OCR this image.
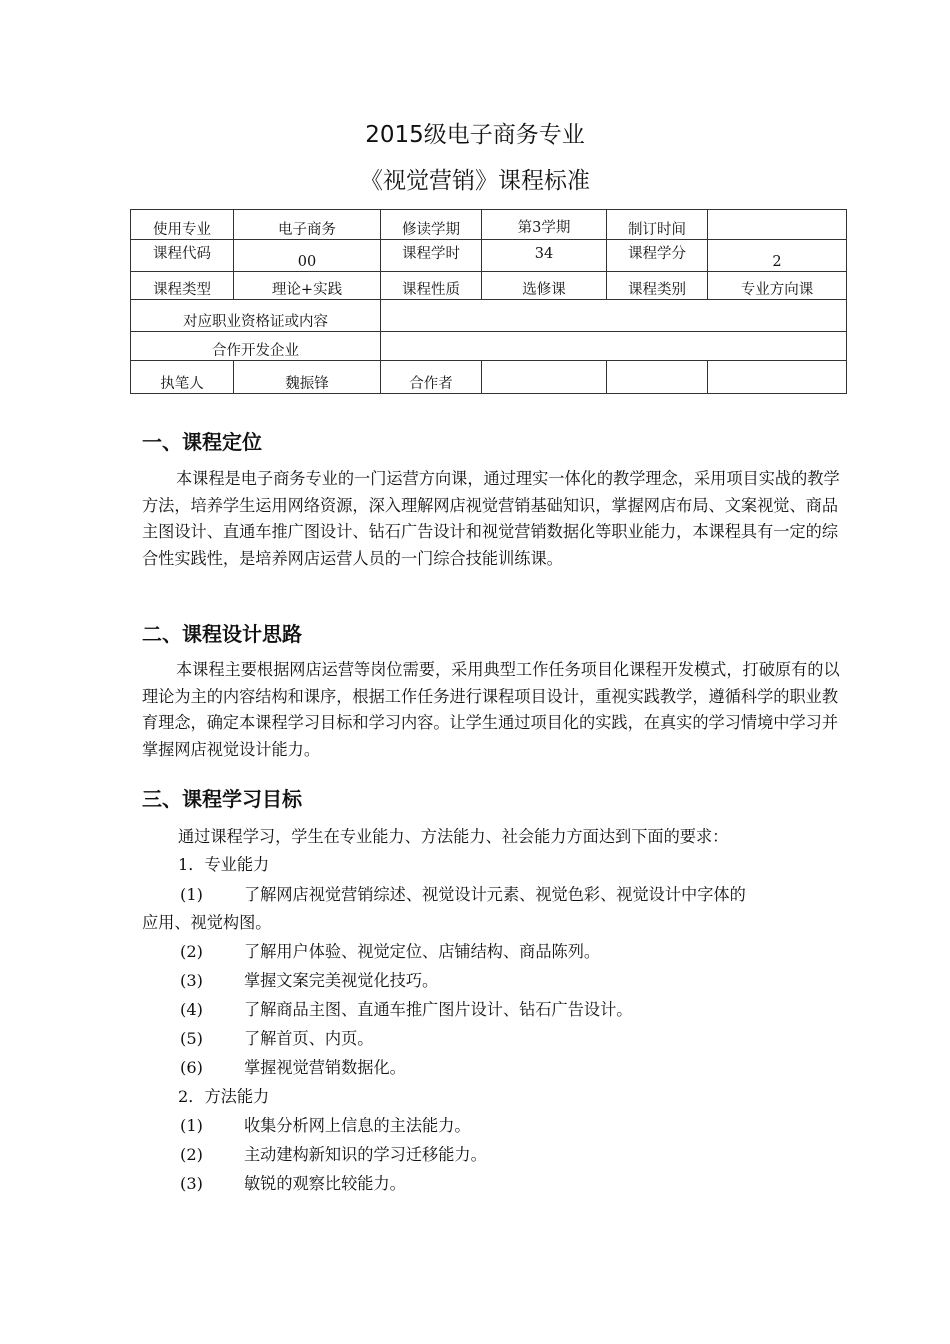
2015级电子商务专业
《视觉营销》课程标准
使用专业	电子商务	修读学期	第3学期	制订时间	
课程代码	00	课程学时	34	课程学分	2
课程类型	理论+实践	课程性质	选修课	课程类别	专业方向课
对应职业资格证或内容					
合作开发企业					
执笔人	魏振锋	合作者			
一、课程定位
本课程是电子商务专业的一门运营方向课，通过理实一体化的教学理念，采用项目实战的教学方法，培养学生运用网络资源，深入理解网店视觉营销基础知识，掌握网店布局、文案视觉、商品主图设计、直通车推广图设计、钻石广告设计和视觉营销数据化等职业能力，本课程具有一定的综合性实践性，是培养网店运营人员的一门综合技能训练课。
二、课程设计思路
本课程主要根据网店运营等岗位需要，采用典型工作任务项目化课程开发模式，打破原有的以理论为主的内容结构和课序，根据工作任务进行课程项目设计，重视实践教学，遵循科学的职业教育理念，确定本课程学习目标和学习内容。让学生通过项目化的实践，在真实的学习情境中学习并掌握网店视觉设计能力。
三、课程学习目标
通过课程学习，学生在专业能力、方法能力、社会能力方面达到下面的要求：
1．专业能力
(1)	了解网店视觉营销综述、视觉设计元素、视觉色彩、视觉设计中字体的
应用、视觉构图。
(2)	了解用户体验、视觉定位、店铺结构、商品陈列。
(3)	掌握文案完美视觉化技巧。
(4)	了解商品主图、直通车推广图片设计、钻石广告设计。
(5)	了解首页、内页。
(6)	掌握视觉营销数据化。
2．方法能力
(1)	收集分析网上信息的主法能力。
(2)	主动建构新知识的学习迁移能力。
(3)	敏锐的观察比较能力。
